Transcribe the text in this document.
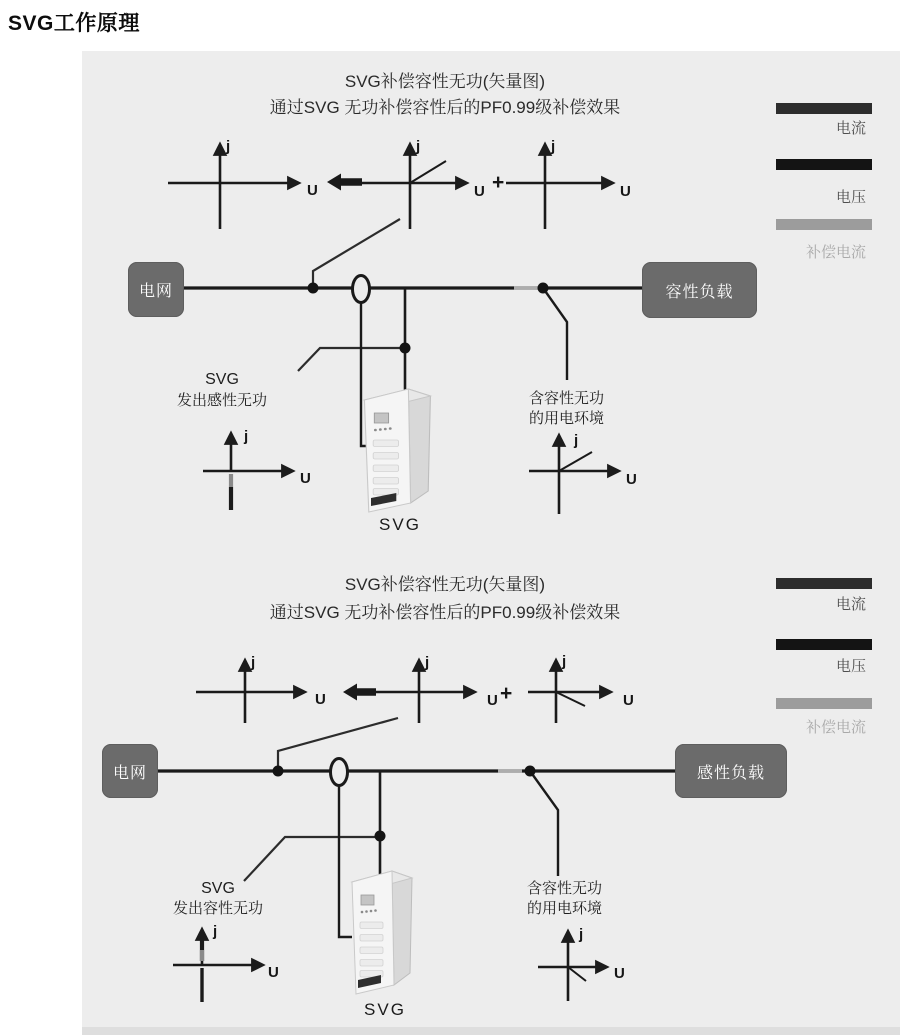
SVG工作原理
SVG补偿容性无功(矢量图)
通过SVG 无功补偿容性后的PF0.99级补偿效果
j
U
j
U +
j
U
电网	容性负载
SVG
发出感性无功
j
U
含容性无功
的用电环境
j
U
SVG
电流
电压
补偿电流
SVG补偿容性无功(矢量图)
通过SVG 无功补偿容性后的PF0.99级补偿效果
j
U
j
U +
j
U
电网	感性负载
SVG
发出容性无功
j
U
含容性无功
的用电环境
j
U
SVG
电流
电压
补偿电流
